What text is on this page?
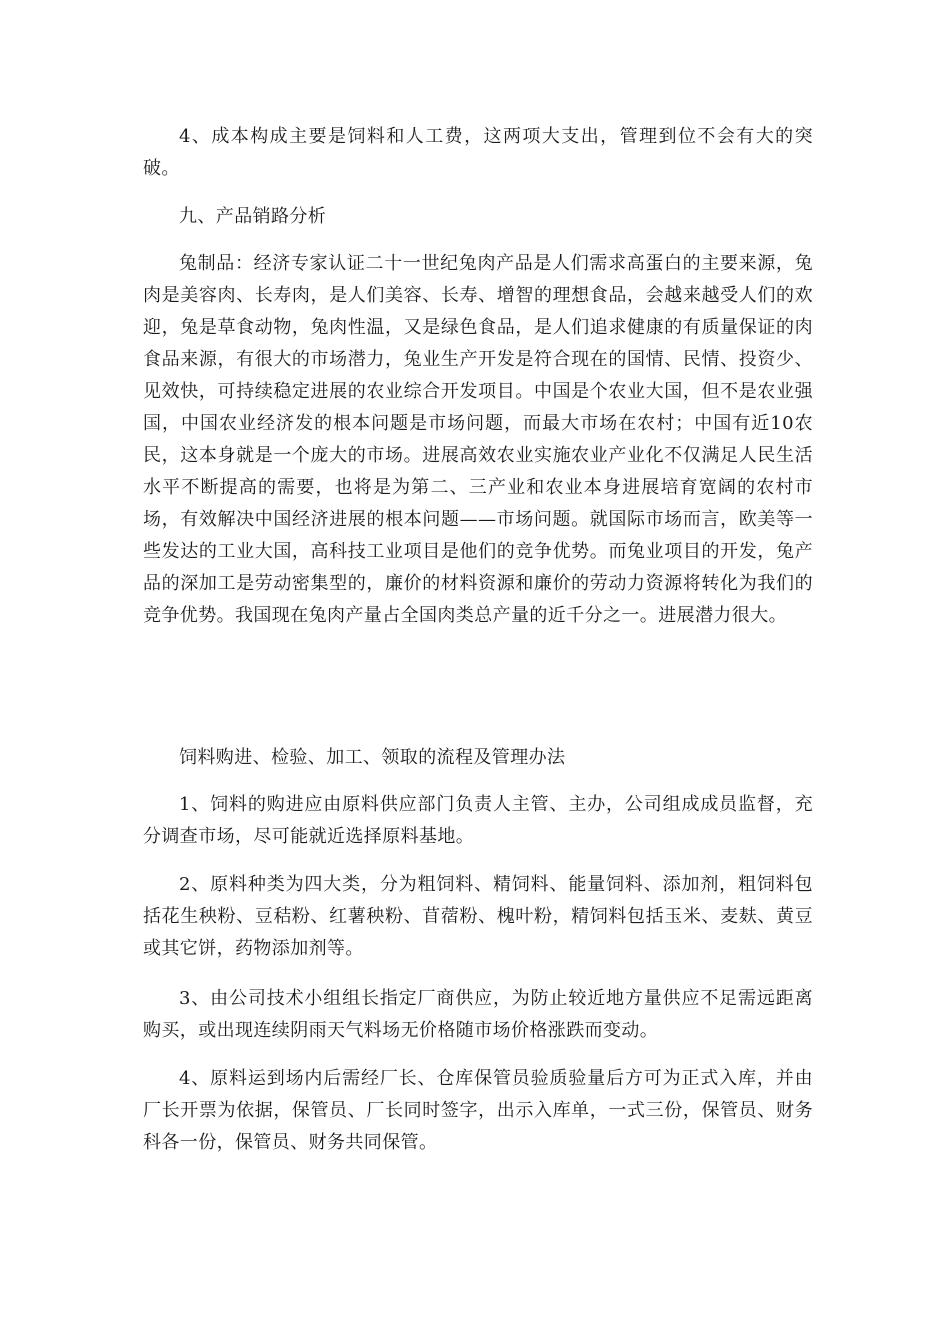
4、成本构成主要是饲料和人工费，这两项大支出，管理到位不会有大的突破。

九、产品销路分析

兔制品：经济专家认证二十一世纪兔肉产品是人们需求高蛋白的主要来源，兔肉是美容肉、长寿肉，是人们美容、长寿、增智的理想食品，会越来越受人们的欢迎，兔是草食动物，兔肉性温，又是绿色食品，是人们追求健康的有质量保证的肉食品来源，有很大的市场潜力，兔业生产开发是符合现在的国情、民情、投资少、见效快，可持续稳定进展的农业综合开发项目。中国是个农业大国，但不是农业强国，中国农业经济发的根本问题是市场问题，而最大市场在农村；中国有近10农民，这本身就是一个庞大的市场。进展高效农业实施农业产业化不仅满足人民生活水平不断提高的需要，也将是为第二、三产业和农业本身进展培育宽阔的农村市场，有效解决中国经济进展的根本问题——市场问题。就国际市场而言，欧美等一些发达的工业大国，高科技工业项目是他们的竞争优势。而兔业项目的开发，兔产品的深加工是劳动密集型的，廉价的材料资源和廉价的劳动力资源将转化为我们的竞争优势。我国现在兔肉产量占全国肉类总产量的近千分之一。进展潜力很大。

饲料购进、检验、加工、领取的流程及管理办法

1、饲料的购进应由原料供应部门负责人主管、主办，公司组成成员监督，充分调查市场，尽可能就近选择原料基地。

2、原料种类为四大类，分为粗饲料、精饲料、能量饲料、添加剂，粗饲料包括花生秧粉、豆秸粉、红薯秧粉、苜蓿粉、槐叶粉，精饲料包括玉米、麦麸、黄豆或其它饼，药物添加剂等。

3、由公司技术小组组长指定厂商供应，为防止较近地方量供应不足需远距离购买，或出现连续阴雨天气料场无价格随市场价格涨跌而变动。

4、原料运到场内后需经厂长、仓库保管员验质验量后方可为正式入库，并由厂长开票为依据，保管员、厂长同时签字，出示入库单，一式三份，保管员、财务科各一份，保管员、财务共同保管。
